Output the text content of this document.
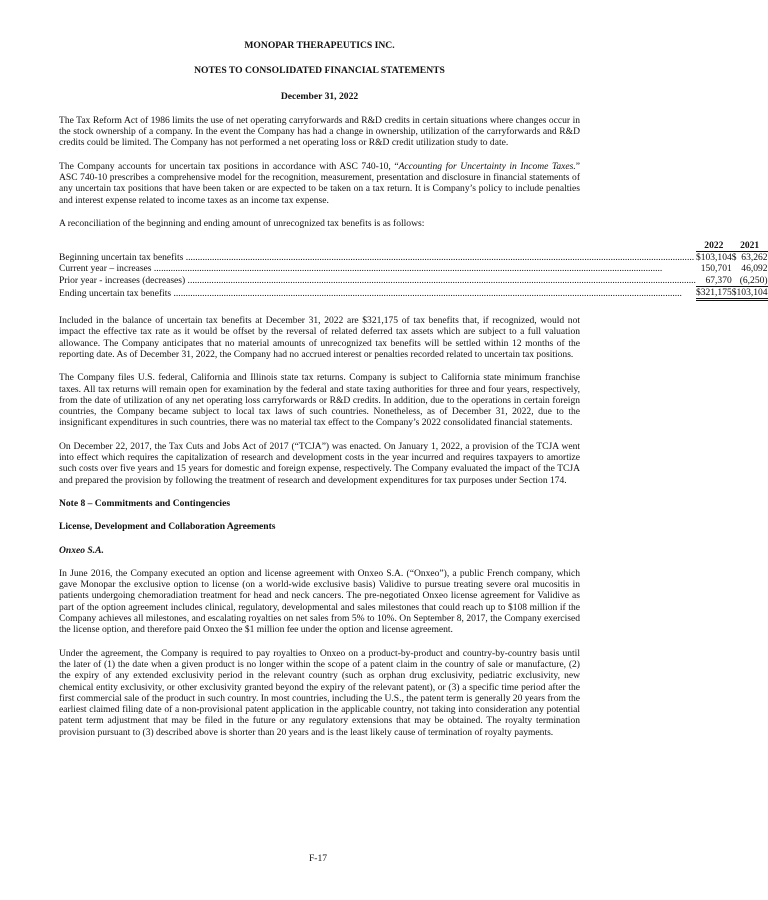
MONOPAR THERAPEUTICS INC.
NOTES TO CONSOLIDATED FINANCIAL STATEMENTS
December 31, 2022

The Tax Reform Act of 1986 limits the use of net operating carryforwards and R&D credits in certain situations where changes occur in the stock ownership of a company. In the event the Company has had a change in ownership, utilization of the carryforwards and R&D credits could be limited. The Company has not performed a net operating loss or R&D credit utilization study to date.

The Company accounts for uncertain tax positions in accordance with ASC 740-10, “Accounting for Uncertainty in Income Taxes.” ASC 740-10 prescribes a comprehensive model for the recognition, measurement, presentation and disclosure in financial statements of any uncertain tax positions that have been taken or are expected to be taken on a tax return. It is Company’s policy to include penalties and interest expense related to income taxes as an income tax expense.

A reconciliation of the beginning and ending amount of unrecognized tax benefits is as follows:

	2022		2021	

Beginning uncertain tax benefits .....	$	103,104		$	63,262

Current year – increases .....		150,701			46,092

Prior year - increases (decreases) .....		67,370			(6,250)

Ending uncertain tax benefits .....	$	321,175		$	103,104

Included in the balance of uncertain tax benefits at December 31, 2022 are $321,175 of tax benefits that, if recognized, would not impact the effective tax rate as it would be offset by the reversal of related deferred tax assets which are subject to a full valuation allowance. The Company anticipates that no material amounts of unrecognized tax benefits will be settled within 12 months of the reporting date. As of December 31, 2022, the Company had no accrued interest or penalties recorded related to uncertain tax positions.

The Company files U.S. federal, California and Illinois state tax returns. Company is subject to California state minimum franchise taxes. All tax returns will remain open for examination by the federal and state taxing authorities for three and four years, respectively, from the date of utilization of any net operating loss carryforwards or R&D credits. In addition, due to the operations in certain foreign countries, the Company became subject to local tax laws of such countries. Nonetheless, as of December 31, 2022, due to the insignificant expenditures in such countries, there was no material tax effect to the Company’s 2022 consolidated financial statements.

On December 22, 2017, the Tax Cuts and Jobs Act of 2017 (“TCJA”) was enacted. On January 1, 2022, a provision of the TCJA went into effect which requires the capitalization of research and development costs in the year incurred and requires taxpayers to amortize such costs over five years and 15 years for domestic and foreign expense, respectively. The Company evaluated the impact of the TCJA and prepared the provision by following the treatment of research and development expenditures for tax purposes under Section 174.

Note 8 – Commitments and Contingencies

License, Development and Collaboration Agreements

Onxeo S.A.

In June 2016, the Company executed an option and license agreement with Onxeo S.A. (“Onxeo”), a public French company, which gave Monopar the exclusive option to license (on a world-wide exclusive basis) Validive to pursue treating severe oral mucositis in patients undergoing chemoradiation treatment for head and neck cancers. The pre-negotiated Onxeo license agreement for Validive as part of the option agreement includes clinical, regulatory, developmental and sales milestones that could reach up to $108 million if the Company achieves all milestones, and escalating royalties on net sales from 5% to 10%. On September 8, 2017, the Company exercised the license option, and therefore paid Onxeo the $1 million fee under the option and license agreement.

Under the agreement, the Company is required to pay royalties to Onxeo on a product-by-product and country-by-country basis until the later of (1) the date when a given product is no longer within the scope of a patent claim in the country of sale or manufacture, (2) the expiry of any extended exclusivity period in the relevant country (such as orphan drug exclusivity, pediatric exclusivity, new chemical entity exclusivity, or other exclusivity granted beyond the expiry of the relevant patent), or (3) a specific time period after the first commercial sale of the product in such country. In most countries, including the U.S., the patent term is generally 20 years from the earliest claimed filing date of a non-provisional patent application in the applicable country, not taking into consideration any potential patent term adjustment that may be filed in the future or any regulatory extensions that may be obtained. The royalty termination provision pursuant to (3) described above is shorter than 20 years and is the least likely cause of termination of royalty payments.

F-17
